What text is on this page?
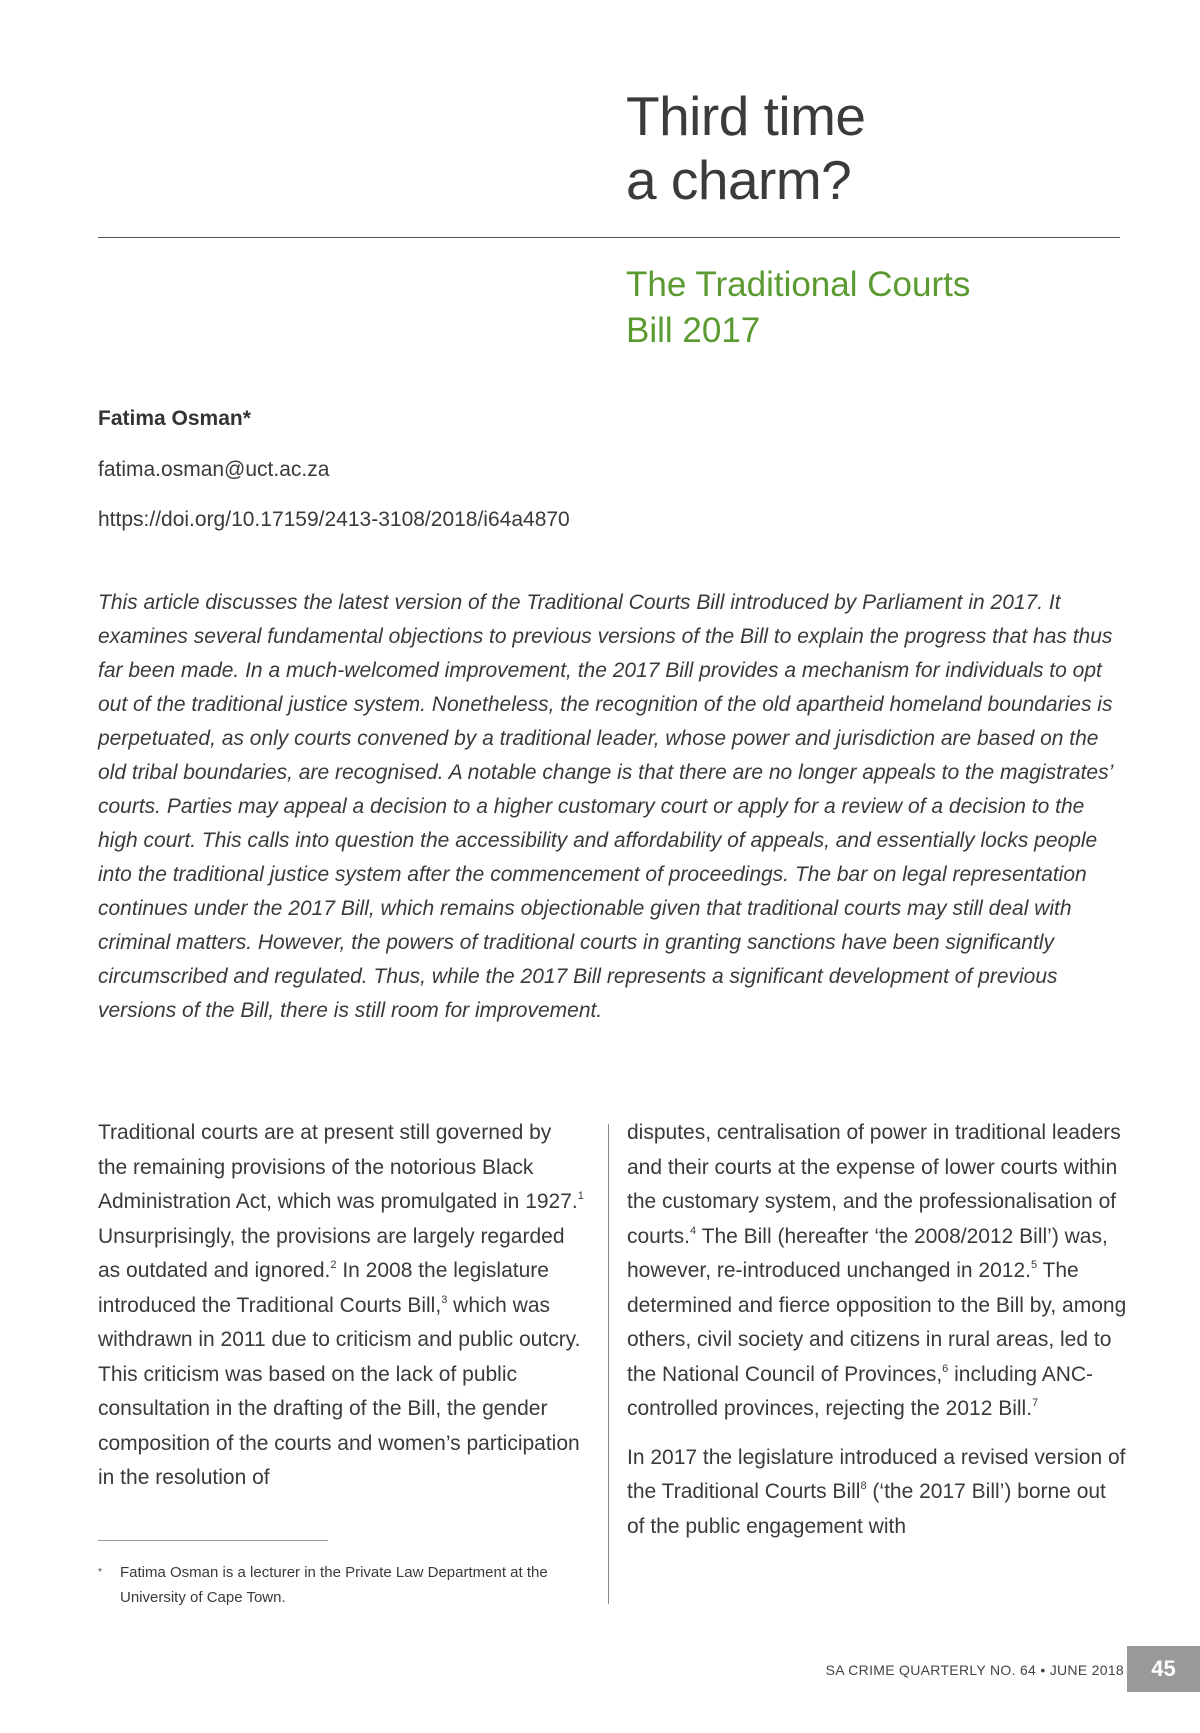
Third time
a charm?
The Traditional Courts
Bill 2017
Fatima Osman*
fatima.osman@uct.ac.za
https://doi.org/10.17159/2413-3108/2018/i64a4870

This article discusses the latest version of the Traditional Courts Bill introduced by Parliament in 2017. It examines several fundamental objections to previous versions of the Bill to explain the progress that has thus far been made. In a much-welcomed improvement, the 2017 Bill provides a mechanism for individuals to opt out of the traditional justice system. Nonetheless, the recognition of the old apartheid homeland boundaries is perpetuated, as only courts convened by a traditional leader, whose power and jurisdiction are based on the old tribal boundaries, are recognised. A notable change is that there are no longer appeals to the magistrates’ courts. Parties may appeal a decision to a higher customary court or apply for a review of a decision to the high court. This calls into question the accessibility and affordability of appeals, and essentially locks people into the traditional justice system after the commencement of proceedings. The bar on legal representation continues under the 2017 Bill, which remains objectionable given that traditional courts may still deal with criminal matters. However, the powers of traditional courts in granting sanctions have been significantly circumscribed and regulated. Thus, while the 2017 Bill represents a significant development of previous versions of the Bill, there is still room for improvement.

Traditional courts are at present still governed by the remaining provisions of the notorious Black Administration Act, which was promulgated in 1927.$^1$ Unsurprisingly, the provisions are largely regarded as outdated and ignored.$^2$ In 2008 the legislature introduced the Traditional Courts Bill,$^3$ which was withdrawn in 2011 due to criticism and public outcry. This criticism was based on the lack of public consultation in the drafting of the Bill, the gender composition of the courts and women’s participation in the resolution of

disputes, centralisation of power in traditional leaders and their courts at the expense of lower courts within the customary system, and the professionalisation of courts.$^4$ The Bill (hereafter ‘the 2008/2012 Bill’) was, however, re-introduced unchanged in 2012.$^5$ The determined and fierce opposition to the Bill by, among others, civil society and citizens in rural areas, led to the National Council of Provinces,$^6$ including ANC-controlled provinces, rejecting the 2012 Bill.$^7$

In 2017 the legislature introduced a revised version of the Traditional Courts Bill$^8$ (‘the 2017 Bill’) borne out of the public engagement with

*	Fatima Osman is a lecturer in the Private Law Department at the University of Cape Town.
SA CRIME QUARTERLY NO. 64 • JUNE 2018	45
